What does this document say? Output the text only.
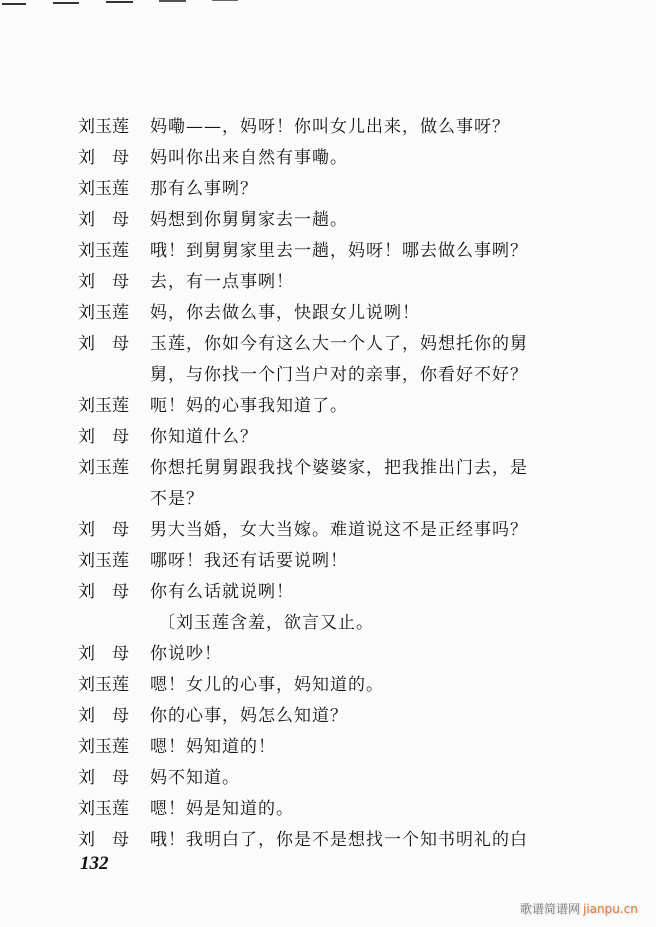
刘玉莲	妈嘞——，妈呀！你叫女儿出来，做么事呀？
刘　母	妈叫你出来自然有事嘞。
刘玉莲	那有么事咧？
刘　母	妈想到你舅舅家去一趟。
刘玉莲	哦！到舅舅家里去一趟，妈呀！哪去做么事咧？
刘　母	去，有一点事咧！
刘玉莲	妈，你去做么事，快跟女儿说咧！
刘　母	玉莲，你如今有这么大一个人了，妈想托你的舅
舅，与你找一个门当户对的亲事，你看好不好？
刘玉莲	呃！妈的心事我知道了。
刘　母	你知道什么？
刘玉莲	你想托舅舅跟我找个婆婆家，把我推出门去，是
不是？
刘　母	男大当婚，女大当嫁。难道说这不是正经事吗？
刘玉莲	哪呀！我还有话要说咧！
刘　母	你有么话就说咧！
〔刘玉莲含羞，欲言又止。
刘　母	你说吵！
刘玉莲	嗯！女儿的心事，妈知道的。
刘　母	你的心事，妈怎么知道？
刘玉莲	嗯！妈知道的！
刘　母	妈不知道。
刘玉莲	嗯！妈是知道的。
刘　母	哦！我明白了，你是不是想找一个知书明礼的白
132
歌谱简谱网 jianpu.cn
